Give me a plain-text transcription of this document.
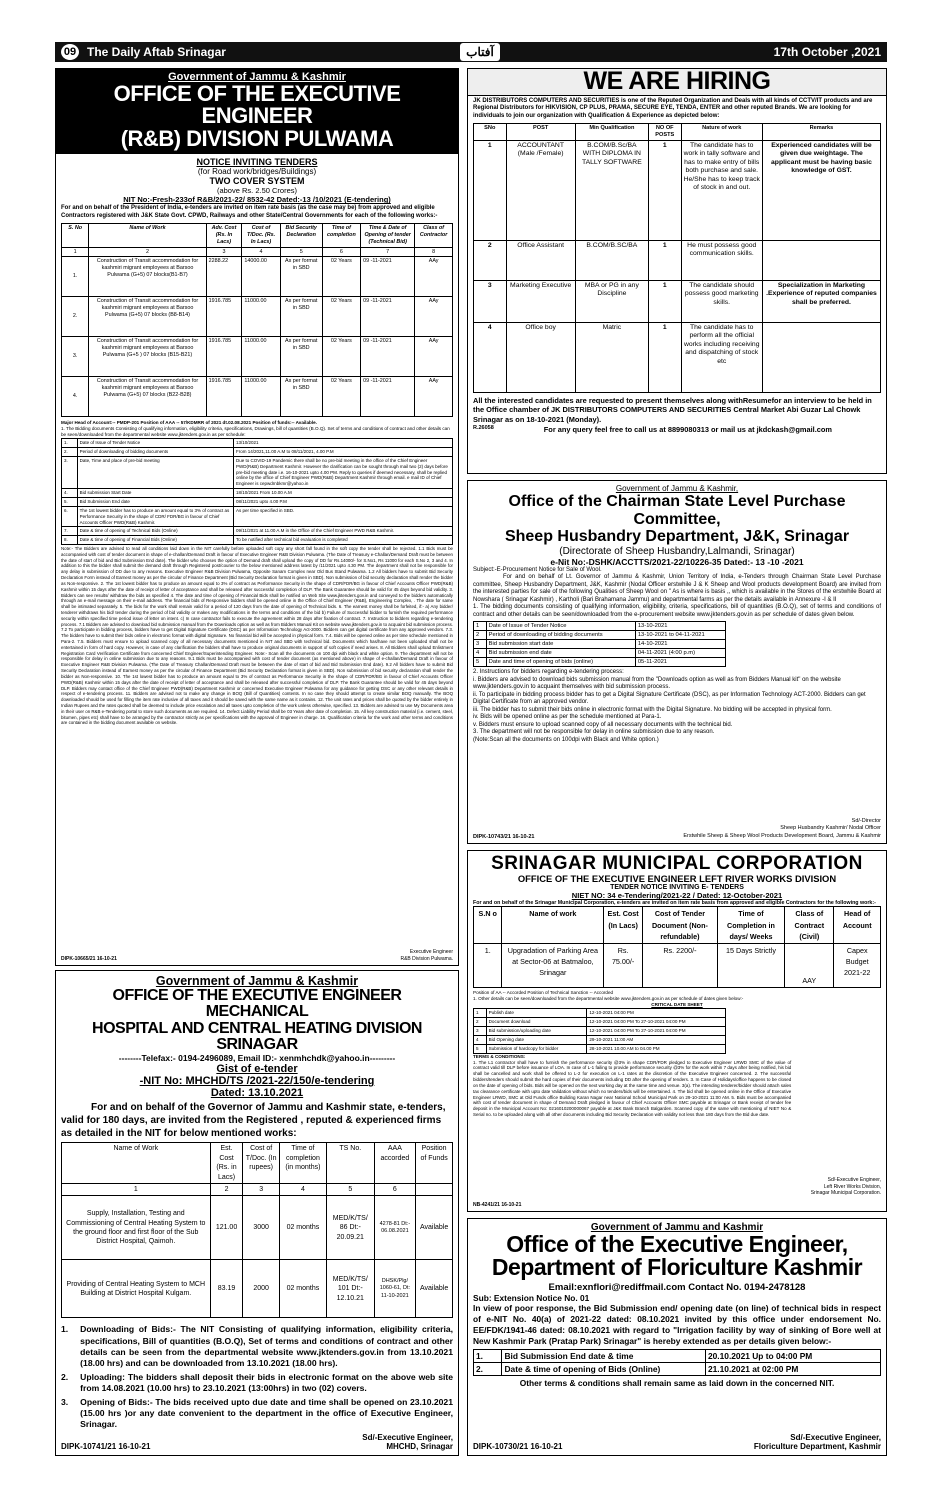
09 The Daily Aftab Srinagar	آفتاب	17th October ,2021
Government of Jammu & Kashmir
OFFICE OF THE EXECUTIVE ENGINEER
(R&B) DIVISION PULWAMA
NOTICE INVITING TENDERS
(for Road work/bridges/Buildings)
TWO COVER SYSTEM
(above Rs. 2.50 Crores)
NIT No:-Fresh-233of R&B/2021-22/ 8532-42 Dated:-13 /10/2021 (E-tendering)
For and on behalf of the President of India, e-tenders are invited on item rate basis (as the case may be) from approved and eligible Contractors registered with J&K State Govt. CPWD, Railways and other State/Central Governments for each of the following works:-
S. No	Name of Work	Adv. Cost (Rs. In Lacs)	Cost of T/Doc. (Rs. In Lacs)	Bid Security Declaration	Time of completion	Time & Date of Opening of tender (Technical Bid)	Class of Contractor
1	2	3	4	5	6	7	8
1.	Construction of Transit accommodation for kashmiri migrant employees at Barsoo Pulwama (G+5) 07 blocks(B1-B7)	2288.22	14000.00	As per format in SBD	02 Years	09 -11-2021	AAy
2.	Construction of Transit accommodation for kashmiri migrant employees at Barsoo Pulwama (G+5) 07 blocks (B8-B14)	1916.785	11000.00	As per format in SBD	02 Years	09 -11-2021	AAy
3.	Construction of Transit accommodation for kashmiri migrant employees at Barsoo Pulwama (G+5 ) 07 blocks (B15-B21)	1916.785	11000.00	As per format in SBD	02 Years	09 -11-2021	AAy
4.	Construction of Transit accommodation for kashmiri migrant employees at Barsoo Pulwama (G+5) 07 blocks (B22-B28)	1916.785	11000.00	As per format in SBD	02 Years	09 -11-2021	AAy
Major Head of Account:-- PMDP-201 Position of AAA -- 57/KDMRR of 2021 dt.02.08.2021 Position of funds:-- Available.
1. The Bidding documents Consisting of qualifying information, eligibility criteria, specifications, Drawings, bill of quantities (B.O.Q). Set of terms and conditions of contract and other details can be seen/downloaded from the departmental website www.jktenders.gov.in as per schedule:
1.	Date of Issue of Tender Notice	13/10/2021
2.	Period of downloading of bidding documents	From 14/2021,11.00 A.M to 08/11/2021, 4.00 P.M
3.	Date, Time and place of pre-bid meeting	Due to COVID-19 Pandemic there shall be no pre-bid meeting in the office of the Chief Engineer PWD(R&B) Department Kashmir. However the clarification can be sought through mail two (2) days before pre-bid meeting date i.e. 16-10-2021 upto 4.00 PM. Reply to queries if deemed necessary, shall be replied online by the office of Chief Engineer PWD(R&B) Department Kashmir through email. e mail ID of Chief Engineer is cepwdrnbkmr@yahoo.in
4.	Bid submission Start Date	18/10/2021 From 10.00 A.M
5.	Bid Submission End date	08/11/2021 upto 4.00 P.M
6.	The 1st lowest bidder has to produce an amount equal to 3% of contract as Performance Security in the shape of CDR/ FDR/BG in favour of Chief Accounts Officer PWD(R&B) Kashmir.	As per time specified in SBD.
7.	Date & time of opening of Technical Bids (Online)	09/11/2021 at 11.00 A.M in the Office of the Chief Engineer PWD R&B Kashmir.
8.	Date & time of opening of Financial Bids (Online)	To be notified after technical bid evaluation is completed
Note:- The Bidders are advised to read all conditions laid down in the NIT carefully before uploaded soft copy any short fall found in the soft copy the tender shall be rejected. 1.1 Bids must be accompanied with cost of tender document in shape of e-challan/Demand Draft in favour of Executive Engineer R&B Division Pulwama. (The Date of Treasury e-Challan/Demand Draft must be between the date of start of bid and Bid Submission End date). The bidder who chooses the option of Demand draft shall upload the copy of DD for Rs.14000/- for S.No1, Rs 11000 for each S.No 2, 3 and 4. In addition to this the bidder shall submit the demand draft through Registered post/courier to the below mentioned address latest by /11/2021 upto 4.30 PM. The department shall not be responsible for any delay in submission of DD due to any reasons. Executive Engineer R&B Division Pulwama, Opposite Sanam Complex near Old Bus Stand Pulwama. 1.2 All bidders have to submit Bid Security Declaration Form instead of Earnest money as per the circular of Finance Department (Bid Security Declaration format is given in SBD). Non submission of bid security declaration shall render the bidder as Non-responsive. 2. The 1st lowest bidder has to produce an amount equal to 3% of contract as Performance Security in the shape of CDR/FDR/BG in favour of Chief Accounts Officer PWD(R&B) Kashmir within 15 days after the date of receipt of letter of acceptance and shall be released after successful completion of DLP. The Bank Guarantee should be valid for 45 days beyond bid validity. 3. Bidders can see results/ withdraw the bids as specified 4. The date and time of opening of Financial Bids shall be notified on Web Site www.jktenders.gov.in and conveyed to the bidders automatically through an e-mail message on their e-mail address. The financial bids of Responsive bidders shall be opened online in the Office of Chief Engineer (R&B), Engineering Complex, . The date for same shall be intimated separately. 5. The bids for the work shall remain valid for a period of 120 days from the date of opening of Technical bids. 6. The earnest money shall be forfeited, if:- a) Any bidder/ tenderer withdraws his bid/ tender during the period of bid validity or makes any modifications in the terms and conditions of the bid b) Failure of Successful bidder to furnish the required performance security within specified time period issue of letter on intent. c) In case contractor fails to execute the agreement within 28 days after fixation of contract. 7. Instruction to bidders regarding e-tendering process. 7.1 Bidders are advised to download bid submission manual from the Downloads option as well as from Bidders Manual Kit on website www.jktenders.gov.in to acquaint bid submission process. 7.2 To participate in bidding process, bidders have to get Digital Signature Certificate (DSC) as per Information Technology Act-2000. Bidders can get digital certificate from any approved vendors. 7.3. The bidders have to submit their bids online in electronic format with digital Signature. No financial bid will be accepted in physical form. 7.4. Bids will be opened online as per time schedule mentioned in Para-2. 7.5. Bidders must ensure to upload scanned copy of all necessary documents mentioned in NIT and SBD with technical bid. Documents which has/have not been uploaded shall not be entertained in form of hard copy. However, in case of any clarification the bidders shall have to produce original documents in support of soft copies if need arises. 8. All Bidders shall upload Enlistment Registration Card Verification Certificate from concerned Chief Engineer/Superintending Engineer. Note:- Scan all the documents on 100 dpi with black and white option. 9. The department will not be responsible for delay in online submission due to any reasons. 9.1 Bids must be accompanied with cost of tender document (as mentioned above) in shape of e-challan/Demand Draft in favour of Executive Engineer R&B Division Pulwama. (The Date of Treasury Challan/Demand Draft must be between the date of start of bid and Bid Submission End date). 9.2 All bidders have to submit Bid Security Declaration instead of Earnest money as per the circular of Finance Department (Bid Security Declaration format is given in SBD). Non submission of bid security declaration shall render the bidder as Non-responsive. 10. The 1st lowest bidder has to produce an amount equal to 3% of contract as Performance Security in the shape of CDR/FDR/BG in favour of Chief Accounts Officer PWD(R&B) Kashmir within 15 days after the date of receipt of letter of acceptance and shall be released after successful completion of DLP. The Bank Guarantee should be valid for 45 days beyond DLP. Bidders may contact office of the Chief Engineer PWD(R&B) Department Kashmir or concerned Executive Engineer Pulwama for any guidance for getting DSC or any other relevant details in respect of e-tendering process. 11. Bidders are advised not to make any change in BOQ (Bill of Quantities) contents. In no case they should attempt to create similar BOQ manually. The BOQ downloaded should be used for filling the item rate inclusive of all taxes and it should be saved with the same name as it contains. 12. The unit rates and prices shall be quoted by the bidder entirely in Indian Rupees and the rates quoted shall be deemed to include price escalation and all taxes upto completion of the work unless otherwise, specified. 13. Bidders are advised to use My Documents area in their user on R&B e-Tendering portal to store such documents as are required. 14. Defect Liability Period shall be 03 Years after date of completion. 15. All key construction material (i.e. cement, steel, bitumen, pipes etc) shall have to be arranged by the contractor strictly as per specifications with the approval of Engineer in charge. 16. Qualification criteria for the work and other terms and conditions are contained in the bidding document available on website.
DIPK-10665/21 16-10-21
Executive Engineer
R&B Division Pulwama.
WE ARE HIRING
JK DISTRIBUTORS COMPUTERS AND SECURITIES is one of the Reputed Organization and Deals with all kinds of CCTV/IT products and are Regional Distributors for HIKVISION, CP PLUS, PRAMA, SECURE EYE, TENDA, ENTER and other reputed Brands. We are looking for individuals to join our organization with Qualification & Experience as depicted below:
SNo	POST	Min Qualification	NO OF POSTS	Nature of work	Remarks
1	ACCOUNTANT (Male /Female)	B.COM/B.Sc/BA WITH DIPLOMA IN TALLY SOFTWARE	1	The candidate has to work in tally software and has to make entry of bills both purchase and sale. He/She has to keep track of stock in and out.	Experienced candidates will be given due weightage. The applicant must be having basic knowledge of GST.
2	Office Assistant	B.COM/B.SC/BA	1	He must possess good communication skills.	
3	Marketing Executive	MBA or PG in any Discipline	1	The candidate should possess good marketing skills.	Specialization in Marketing .Experience of reputed companies shall be preferred.
4	Office boy	Matric	1	The candidate has to perform all the official works including receiving and dispatching of stock etc	
All the interested candidates are requested to present themselves along withResumefor an interview to be held in the Office chamber of JK DISTRIBUTORS COMPUTERS AND SECURITIES Central Market Abi Guzar Lal Chowk Srinagar as on 18-10-2021 (Monday).
R.26058	For any query feel free to call us at 8899080313 or mail us at jkdckash@gmail.com
Government of Jammu & Kashmir,
Office of the Chairman State Level Purchase Committee,
Sheep Husbandry Department, J&K, Srinagar
(Directorate of Sheep Husbandry,Lalmandi, Srinagar)
e-Nit No:-DSHK/ACCTTS/2021-22/10226-35 Dated:- 13 -10 -2021
Subject:-E-Procurement Notice for Sale of Wool.
For and on behalf of Lt. Governor of Jammu & Kashmir, Union Territory of India, e-Tenders through Chairman State Level Purchase committee, Sheep Husbandry Department, J&K, Kashmir (Nodal Officer erstwhile J & K Sheep and Wool products development Board) are invited from the interested parties for sale of the following Qualities of Sheep Wool on " As is where is basis ,, which is available in the Stores of the erstwhile Board at Nowshara ( Srinagar Kashmir) , Kartholi (Bari Brahamana Jammu) and departmental farms as per the details available in Annexure -I & II
1. The bidding documents consisting of qualifying information, eligibility, criteria, specifications, bill of quantities (B.O.Q), set of terms and conditions of contract and other details can be seen/downloaded from the e-procurement website www.jktenders.gov.in as per schedule of dates given below.
1	Date of Issue of Tender Notice	13-10-2021
2	Period of downloading of bidding documents	13-10-2021 to 04-11-2021
3	Bid submission start date	14-10-2021
4	Bid submission end date	04-11-2021 (4:00 p.m)
5	Date and time of opening of bids (online)	05-11-2021
2. Instructions for bidders regarding e-tendering process:
i. Bidders are advised to download bids submission manual from the "Downloads option as well as from Bidders Manual kit" on the website www.jktenders.gov.in to acquaint themselves with bid submission process.
ii. To participate in bidding process bidder has to get a Digital Signature Certificate (DSC), as per Information Technology ACT-2000. Bidders can get Digital Certificate from an approved vendor.
iii. The bidder has to submit their bids online in electronic format with the Digital Signature. No bidding will be accepted in physical form.
iv. Bids will be opened online as per the schedule mentioned at Para-1.
v. Bidders must ensure to upload scanned copy of all necessary documents with the technical bid.
3. The department will not be responsible for delay in online submission due to any reason.
(Note:Scan all the documents on 100dpi with Black and White option.)
Sd/-Director
Sheep Husbandry Kashmir/ Nodal Officer
Erstwhile Sheep & Sheep Wool Products Development Board, Jammu & Kashmir
DIPK-10743/21 16-10-21
SRINAGAR MUNICIPAL CORPORATION
OFFICE OF THE EXECUTIVE ENGINEER LEFT RIVER WORKS DIVISION
TENDER NOTICE INVITING E- TENDERS
NIET NO: 34 e-Tendering/2021-22 / Dated: 12-October-2021
For and on behalf of the Srinagar Municipal Corporation, e-tenders are invited on item rate basis from approved and eligible Contractors for the following work:-
S.N o	Name of work	Est. Cost (In Lacs)	Cost of Tender Document (Non-refundable)	Time of Completion in days/ Weeks	Class of Contract (Civil)	Head of Account
1.	Upgradation of Parking Area at Sector-06 at Batmaloo, Srinagar	Rs. 75.00/-	Rs. 2200/-	15 Days Strictly	AAY	Capex Budget 2021-22
Position of AA -- Accorded Position of Technical Sanction -- Accorded
1. Other details can be seen/downloaded from the departmental website www.jktenders.gov.in as per schedule of dates given below:-
CRITICAL DATE SHEET
1	Publish date	12-10-2021 04:00 PM
2	Document download	12-10-2021 04:00 PM To 27-10-2021 04:00 PM
3	Bid submission/uploading date	12-10-2021 04:00 PM To 27-10-2021 04:00 PM
4	Bid Opening date	29-10-2021 11:00 AM
5	Submission of hardcopy for bidder	28-10-2021 10.00 AM to 04.00 PM
TERMS & CONDITIONS:
1. The L1 contractor shall have to furnish the performance security @3% in shape CDR/FDR pledged to Executive Engineer LRWD SMC of the value of contract valid till DLP before issuance of LOA. In case of L-1 failing to provide performance security @3% for the work within 7 days after being notified, his bid shall be cancelled and work shall be offered to L-2 for execution on L-1 rates at the discretion of the Executive Engineer concerned. 2. The successful bidders/tenders should submit the hard copies of their documents including DD after the opening of tenders. 3. In Case of Holidays/office happens to be closed on the date of opening of bids. Bids will be opened on the next working day at the same time and venue. 3(a). The intending tenderer/bidder should attach sales tax clearance certificate with upto date Validation without which no tenders/bids will be entertained. 4. The bid shall be opened online in the Office of Executive Engineer LRWD, SMC at Old Funds office Building Karan Nagar near National School Municipal Park on 29-10-2021 11:00 AM. 5. Bids must be accompanied with cost of tender document in shape of Demand Draft pledged in favour of Chief Accounts Officer SMC payable at Srinagar or Bank receipt of tender fee deposit in the Municipal Account No: 0216010200000067 payable at J&K Bank Branch Balgarden. Scanned copy of the same with mentioning of NIET No & Serial no. to be uploaded along with all other documents including Bid Security Declaration with validity not less than 180 days from the Bid due date.
Sd/-Executive Engineer,
Left River Works Division,
Srinagar Municipal Corporation.
NB-4241/21 16-10-21
Government of Jammu & Kashmir
OFFICE OF THE EXECUTIVE ENGINEER MECHANICAL
HOSPITAL AND CENTRAL HEATING DIVISION SRINAGAR
--------Telefax:- 0194-2496089, Email ID:- xenmhchdk@yahoo.in---------
Gist of e-tender
-NIT No: MHCHD/TS /2021-22/150/e-tendering
Dated: 13.10.2021
For and on behalf of the Governor of Jammu and Kashmir state, e-tenders, valid for 180 days, are invited from the Registered , reputed & experienced firms as detailed in the NIT for below mentioned works:
Name of Work	Est. Cost (Rs. in Lacs)	Cost of T/Doc. (In rupees)	Time of completion (in months)	TS No.	AAA accorded	Position of Funds
1	2	3	4	5	6	
Supply, Installation, Testing and Commissioning of Central Heating System to the ground floor and first floor of the Sub District Hospital, Qaimoh.	121.00	3000	02 months	MED/K/TS/ 86 Dt:- 20.09.21	4278-81 Dt:- 06.08.2021	Available
Providing of Central Heating System to MCH Building at District Hospital Kulgam.	83.19	2000	02 months	MED/K/TS/ 101 Dt:- 12.10.21	DHSK/Plg/ 1060-61, Dt: 11-10-2021	Available
1. Downloading of Bids:- The NIT Consisting of qualifying information, eligibility criteria, specifications, Bill of quantities (B.O.Q), Set of terms and conditions of contract and other details can be seen from the departmental website www.jktenders.gov.in from 13.10.2021 (18.00 hrs) and can be downloaded from 13.10.2021 (18.00 hrs).
2. Uploading: The bidders shall deposit their bids in electronic format on the above web site from 14.08.2021 (10.00 hrs) to 23.10.2021 (13:00hrs) in two (02) covers.
3. Opening of Bids:- The bids received upto due date and time shall be opened on 23.10.2021 (15.00 hrs )or any date convenient to the department in the office of Executive Engineer, Srinagar.
DIPK-10741/21 16-10-21
Sd/-Executive Engineer,
MHCHD, Srinagar
Government of Jammu and Kashmir
Office of the Executive Engineer,
Department of Floriculture Kashmir
Email:exnflori@rediffmail.com Contact No. 0194-2478128
Sub: Extension Notice No. 01
In view of poor response, the Bid Submission end/ opening date (on line) of technical bids in respect of e-NIT No. 40(a) of 2021-22 dated: 08.10.2021 invited by this office under endorsement No. EE/FDK/1941-46 dated: 08.10.2021 with regard to "Irrigation facility by way of sinking of Bore well at New Kashmir Park (Pratap Park) Srinagar" is hereby extended as per details given below:-
1.	Bid Submission End date & time	20.10.2021 Up to 04:00 PM
2.	Date & time of opening of Bids (Online)	21.10.2021 at 02:00 PM
Other terms & conditions shall remain same as laid down in the concerned NIT.
DIPK-10730/21 16-10-21
Sd/-Executive Engineer,
Floriculture Department, Kashmir
